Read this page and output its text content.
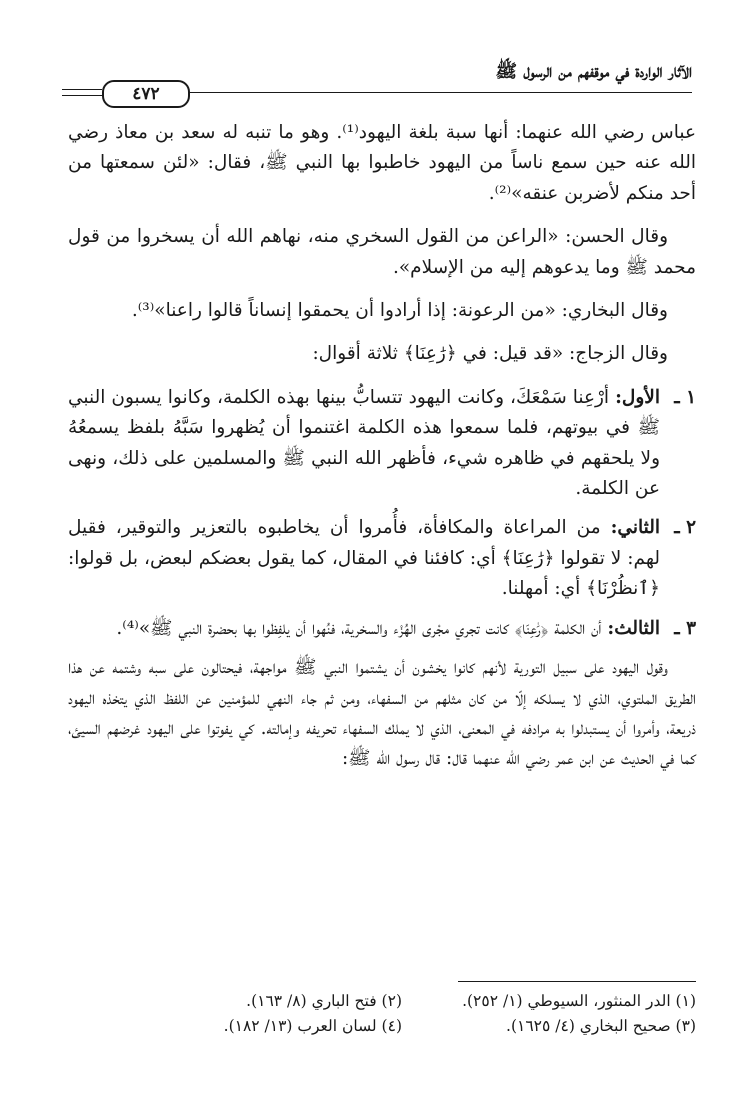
الآثار الواردة في موقفهم من الرسول ﷺ
٤٧٢

عباس رضي الله عنهما: أنها سبة بلغة اليهود⁽¹⁾. وهو ما تنبه له سعد بن معاذ رضي الله عنه حين سمع ناساً من اليهود خاطبوا بها النبي ﷺ، فقال: «لئن سمعتها من أحد منكم لأضربن عنقه»⁽²⁾.

وقال الحسن: «الراعن من القول السخري منه، نهاهم الله أن يسخروا من قول محمد ﷺ وما يدعوهم إليه من الإسلام».

وقال البخاري: «من الرعونة: إذا أرادوا أن يحمقوا إنساناً قالوا راعنا»⁽³⁾.

وقال الزجاج: «قد قيل: في ﴿رَٰعِنَا﴾ ثلاثة أقوال:

١ ـ
الأول: أرْعِنا سَمْعَكَ، وكانت اليهود تتسابُّ بينها بهذه الكلمة، وكانوا يسبون النبي ﷺ في بيوتهم، فلما سمعوا هذه الكلمة اغتنموا أن يُظهروا سَبَّهُ بلفظ يسمعُهُ ولا يلحقهم في ظاهره شيء، فأظهر الله النبي ﷺ والمسلمين على ذلك، ونهى عن الكلمة.
٢ ـ
الثاني: من المراعاة والمكافأة، فأُمروا أن يخاطبوه بالتعزير والتوقير، فقيل لهم: لا تقولوا ﴿رَٰعِنَا﴾ أي: كافئنا في المقال، كما يقول بعضكم لبعض، بل قولوا: ﴿ٱنظُرْنَا﴾ أي: أمهلنا.
٣ ـ
الثالث: أن الكلمة ﴿رَٰعِنَا﴾ كانت تجري مجْرى الهُزْء والسخرية، فنُهوا أن يلفِظوا بها بحضرة النبي ﷺ»⁽⁴⁾.

وقول اليهود على سبيل التورية لأنهم كانوا يخشون أن يشتموا النبي ﷺ مواجهة، فيحتالون على سبه وشتمه عن هذا الطريق الملتوي، الذي لا يسلكه إلّا من كان مثلهم من السفهاء، ومن ثم جاء النهي للمؤمنين عن اللفظ الذي يتخذه اليهود ذريعة، وأمروا أن يستبدلوا به مرادفه في المعنى، الذي لا يملك السفهاء تحريفه وإمالته. كي يفوتوا على اليهود غرضهم السيئ، كما في الحديث عن ابن عمر رضي الله عنهما قال: قال رسول الله ﷺ:

(١) الدر المنثور، السيوطي (١/ ٢٥٢).
(٢) فتح الباري (٨/ ١٦٣).
(٣) صحيح البخاري (٤/ ١٦٢٥).
(٤) لسان العرب (١٣/ ١٨٢).
